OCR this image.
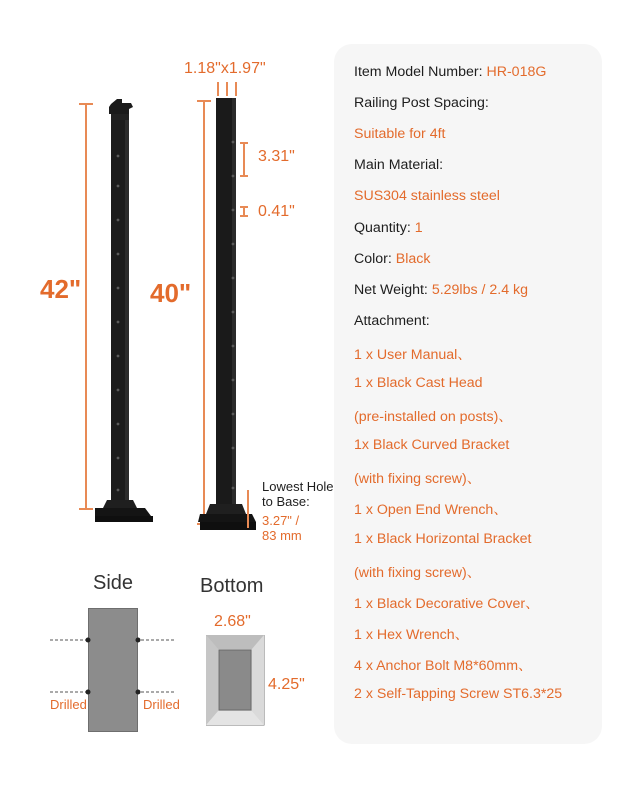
42"	40"
1.18"x1.97"
3.31"
0.41"
Lowest Hole
to Base:
3.27" /
83 mm
Side
Drilled	Drilled
Bottom
2.68"
4.25"
Item Model Number: HR-018G
Railing Post Spacing:
Suitable for 4ft
Main Material:
SUS304 stainless steel
Quantity: 1
Color: Black
Net Weight: 5.29lbs / 2.4 kg
Attachment:
1 x User Manual、
1 x Black Cast Head
(pre-installed on posts)、
1x Black Curved Bracket
(with fixing screw)、
1 x Open End Wrench、
1 x Black Horizontal Bracket
(with fixing screw)、
1 x Black Decorative Cover、
1 x Hex Wrench、
4 x Anchor Bolt M8*60mm、
2 x Self-Tapping Screw ST6.3*25
